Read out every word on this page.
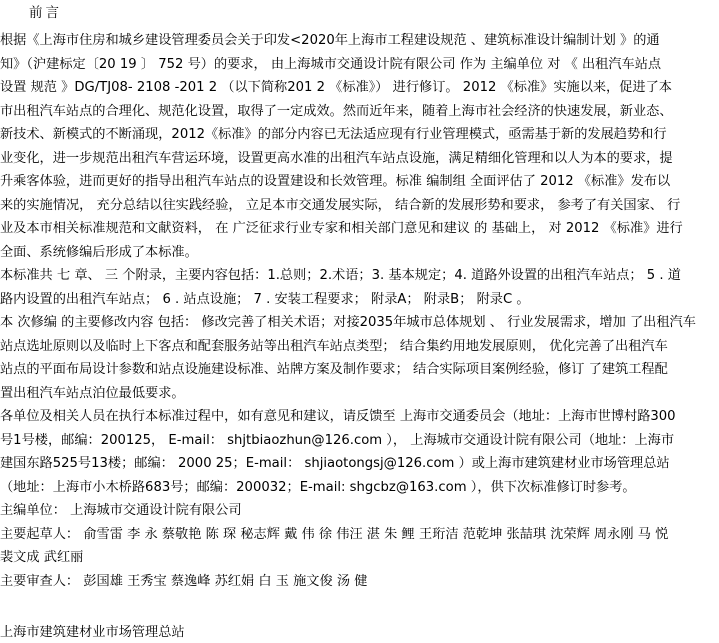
前言
根据《上海市住房和城乡建设管理委员会关于印发<2020年上海市工程建设规范 、建筑标准设计编制计划 》的通
知》（沪建标定〔20 19 〕 752 号）的要求， 由上海城市交通设计院有限公司 作为 主编单位 对 《 出租汽车站点
设置 规范 》DG/TJ08- 2108 -201 2 （以下简称201 2 《标准》） 进行修订。 2012 《标准》实施以来，促进了本
市出租汽车站点的合理化、规范化设置，取得了一定成效。然而近年来，随着上海市社会经济的快速发展，新业态、
新技术、新模式的不断涌现，2012《标准》的部分内容已无法适应现有行业管理模式，亟需基于新的发展趋势和行
业变化，进一步规范出租汽车营运环境，设置更高水准的出租汽车站点设施，满足精细化管理和以人为本的要求，提
升乘客体验，进而更好的指导出租汽车站点的设置建设和长效管理。标准 编制组 全面评估了 2012 《标准》发布以
来的实施情况， 充分总结以往实践经验， 立足本市交通发展实际， 结合新的发展形势和要求， 参考了有关国家、 行
业及本市相关标准规范和文献资料， 在 广泛征求行业专家和相关部门意见和建议 的 基础上， 对 2012 《标准》进行
全面、系统修编后形成了本标准。
本标准共 七 章、 三 个附录，主要内容包括：1.总则；2.术语；3. 基本规定；4. 道路外设置的出租汽车站点； 5 . 道
路内设置的出租汽车站点； 6 . 站点设施； 7 . 安装工程要求； 附录A； 附录B； 附录C 。
本 次修编 的主要修改内容 包括： 修改完善了相关术语；对接2035年城市总体规划 、 行业发展需求，增加 了出租汽车
站点选址原则以及临时上下客点和配套服务站等出租汽车站点类型； 结合集约用地发展原则， 优化完善了出租汽车
站点的平面布局设计参数和站点设施建设标准、站牌方案及制作要求； 结合实际项目案例经验，修订 了建筑工程配
置出租汽车站点泊位最低要求。
各单位及相关人员在执行本标准过程中，如有意见和建议，请反馈至 上海市交通委员会（地址：上海市世博村路300
号1号楼，邮编：200125， E-mail： shjtbiaozhun@126.com ）， 上海城市交通设计院有限公司（地址：上海市
建国东路525号13楼；邮编： 2000 25；E-mail： shjiaotongsj@126.com ）或上海市建筑建材业市场管理总站
（地址：上海市小木桥路683号；邮编：200032；E-mail: shgcbz@163.com ），供下次标准修订时参考。
主编单位： 上海城市交通设计院有限公司
主要起草人： 俞雪雷 李 永 蔡敬艳 陈 琛 秘志辉 戴 伟 徐 伟汪 湛 朱 鲤 王珩洁 范乾坤 张喆琪 沈荣辉 周永刚 马 悦
裴文成 武红丽
主要审查人： 彭国雄 王秀宝 蔡逸峰 苏红娟 白 玉 施文俊 汤 健
上海市建筑建材业市场管理总站
